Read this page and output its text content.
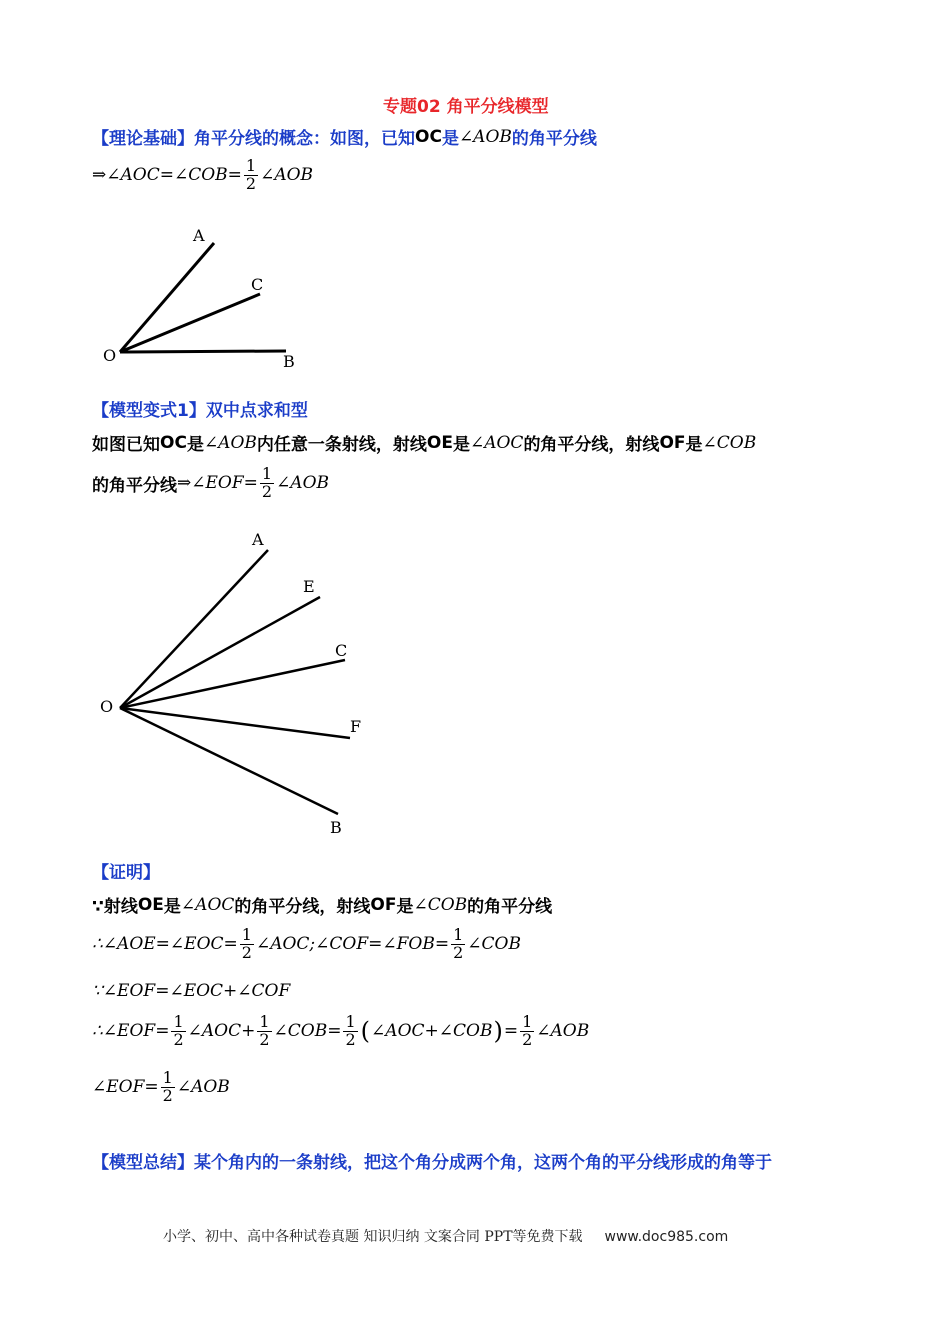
专题02 角平分线模型
【理论基础】角平分线的概念：如图，已知 OC 是 ∠AOB 的角平分线
⇒∠AOC=∠COB= $\frac{1}{2}$ ∠AOB
A
C
O	B
【模型变式1】双中点求和型
如图已知 OC 是 ∠AOB 内任意一条射线，射线 OE 是 ∠AOC 的角平分线，射线 OF 是 ∠COB
的角平分线 ⇒∠EOF= $\frac{1}{2}$ ∠AOB
A
E
C
O
F
B
【证明】
∵射线 OE 是 ∠AOC 的角平分线，射线 OF 是 ∠COB 的角平分线
∴∠AOE=∠EOC= $\frac{1}{2}$ ∠AOC;∠COF=∠FOB= $\frac{1}{2}$ ∠COB
∵∠EOF=∠EOC+∠COF
∴∠EOF= $\frac{1}{2}$ ∠AOC+ $\frac{1}{2}$ ∠COB= $\frac{1}{2}$ ( ∠AOC+∠COB ) = $\frac{1}{2}$ ∠AOB
∠EOF= $\frac{1}{2}$ ∠AOB
【模型总结】某个角内的一条射线，把这个角分成两个角，这两个角的平分线形成的角等于
小学、初中、高中各种试卷真题 知识归纳 文案合同 PPT等免费下载 www.doc985.com
